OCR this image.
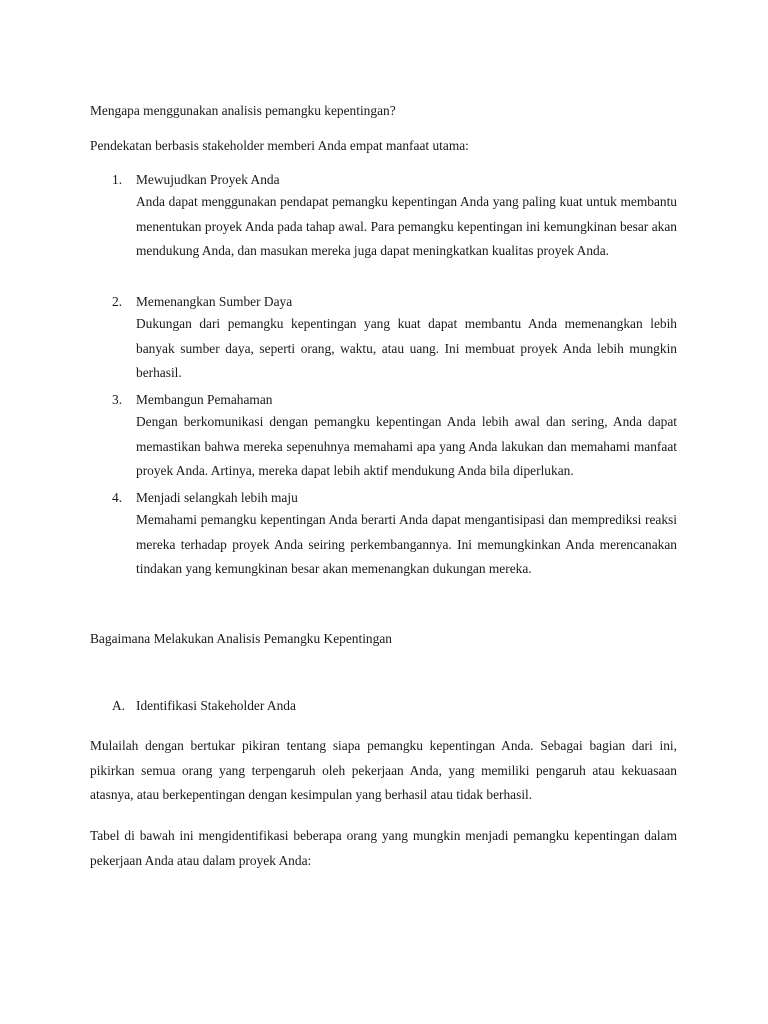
Mengapa menggunakan analisis pemangku kepentingan?
Pendekatan berbasis stakeholder memberi Anda empat manfaat utama:
1. Mewujudkan Proyek Anda

Anda dapat menggunakan pendapat pemangku kepentingan Anda yang paling kuat untuk membantu menentukan proyek Anda pada tahap awal. Para pemangku kepentingan ini kemungkinan besar akan mendukung Anda, dan masukan mereka juga dapat meningkatkan kualitas proyek Anda.

2. Memenangkan Sumber Daya

Dukungan dari pemangku kepentingan yang kuat dapat membantu Anda memenangkan lebih banyak sumber daya, seperti orang, waktu, atau uang. Ini membuat proyek Anda lebih mungkin berhasil.

3. Membangun Pemahaman

Dengan berkomunikasi dengan pemangku kepentingan Anda lebih awal dan sering, Anda dapat memastikan bahwa mereka sepenuhnya memahami apa yang Anda lakukan dan memahami manfaat proyek Anda. Artinya, mereka dapat lebih aktif mendukung Anda bila diperlukan.

4. Menjadi selangkah lebih maju

Memahami pemangku kepentingan Anda berarti Anda dapat mengantisipasi dan memprediksi reaksi mereka terhadap proyek Anda seiring perkembangannya. Ini memungkinkan Anda merencanakan tindakan yang kemungkinan besar akan memenangkan dukungan mereka.

Bagaimana Melakukan Analisis Pemangku Kepentingan
A. Identifikasi Stakeholder Anda

Mulailah dengan bertukar pikiran tentang siapa pemangku kepentingan Anda. Sebagai bagian dari ini, pikirkan semua orang yang terpengaruh oleh pekerjaan Anda, yang memiliki pengaruh atau kekuasaan atasnya, atau berkepentingan dengan kesimpulan yang berhasil atau tidak berhasil.

Tabel di bawah ini mengidentifikasi beberapa orang yang mungkin menjadi pemangku kepentingan dalam pekerjaan Anda atau dalam proyek Anda:
